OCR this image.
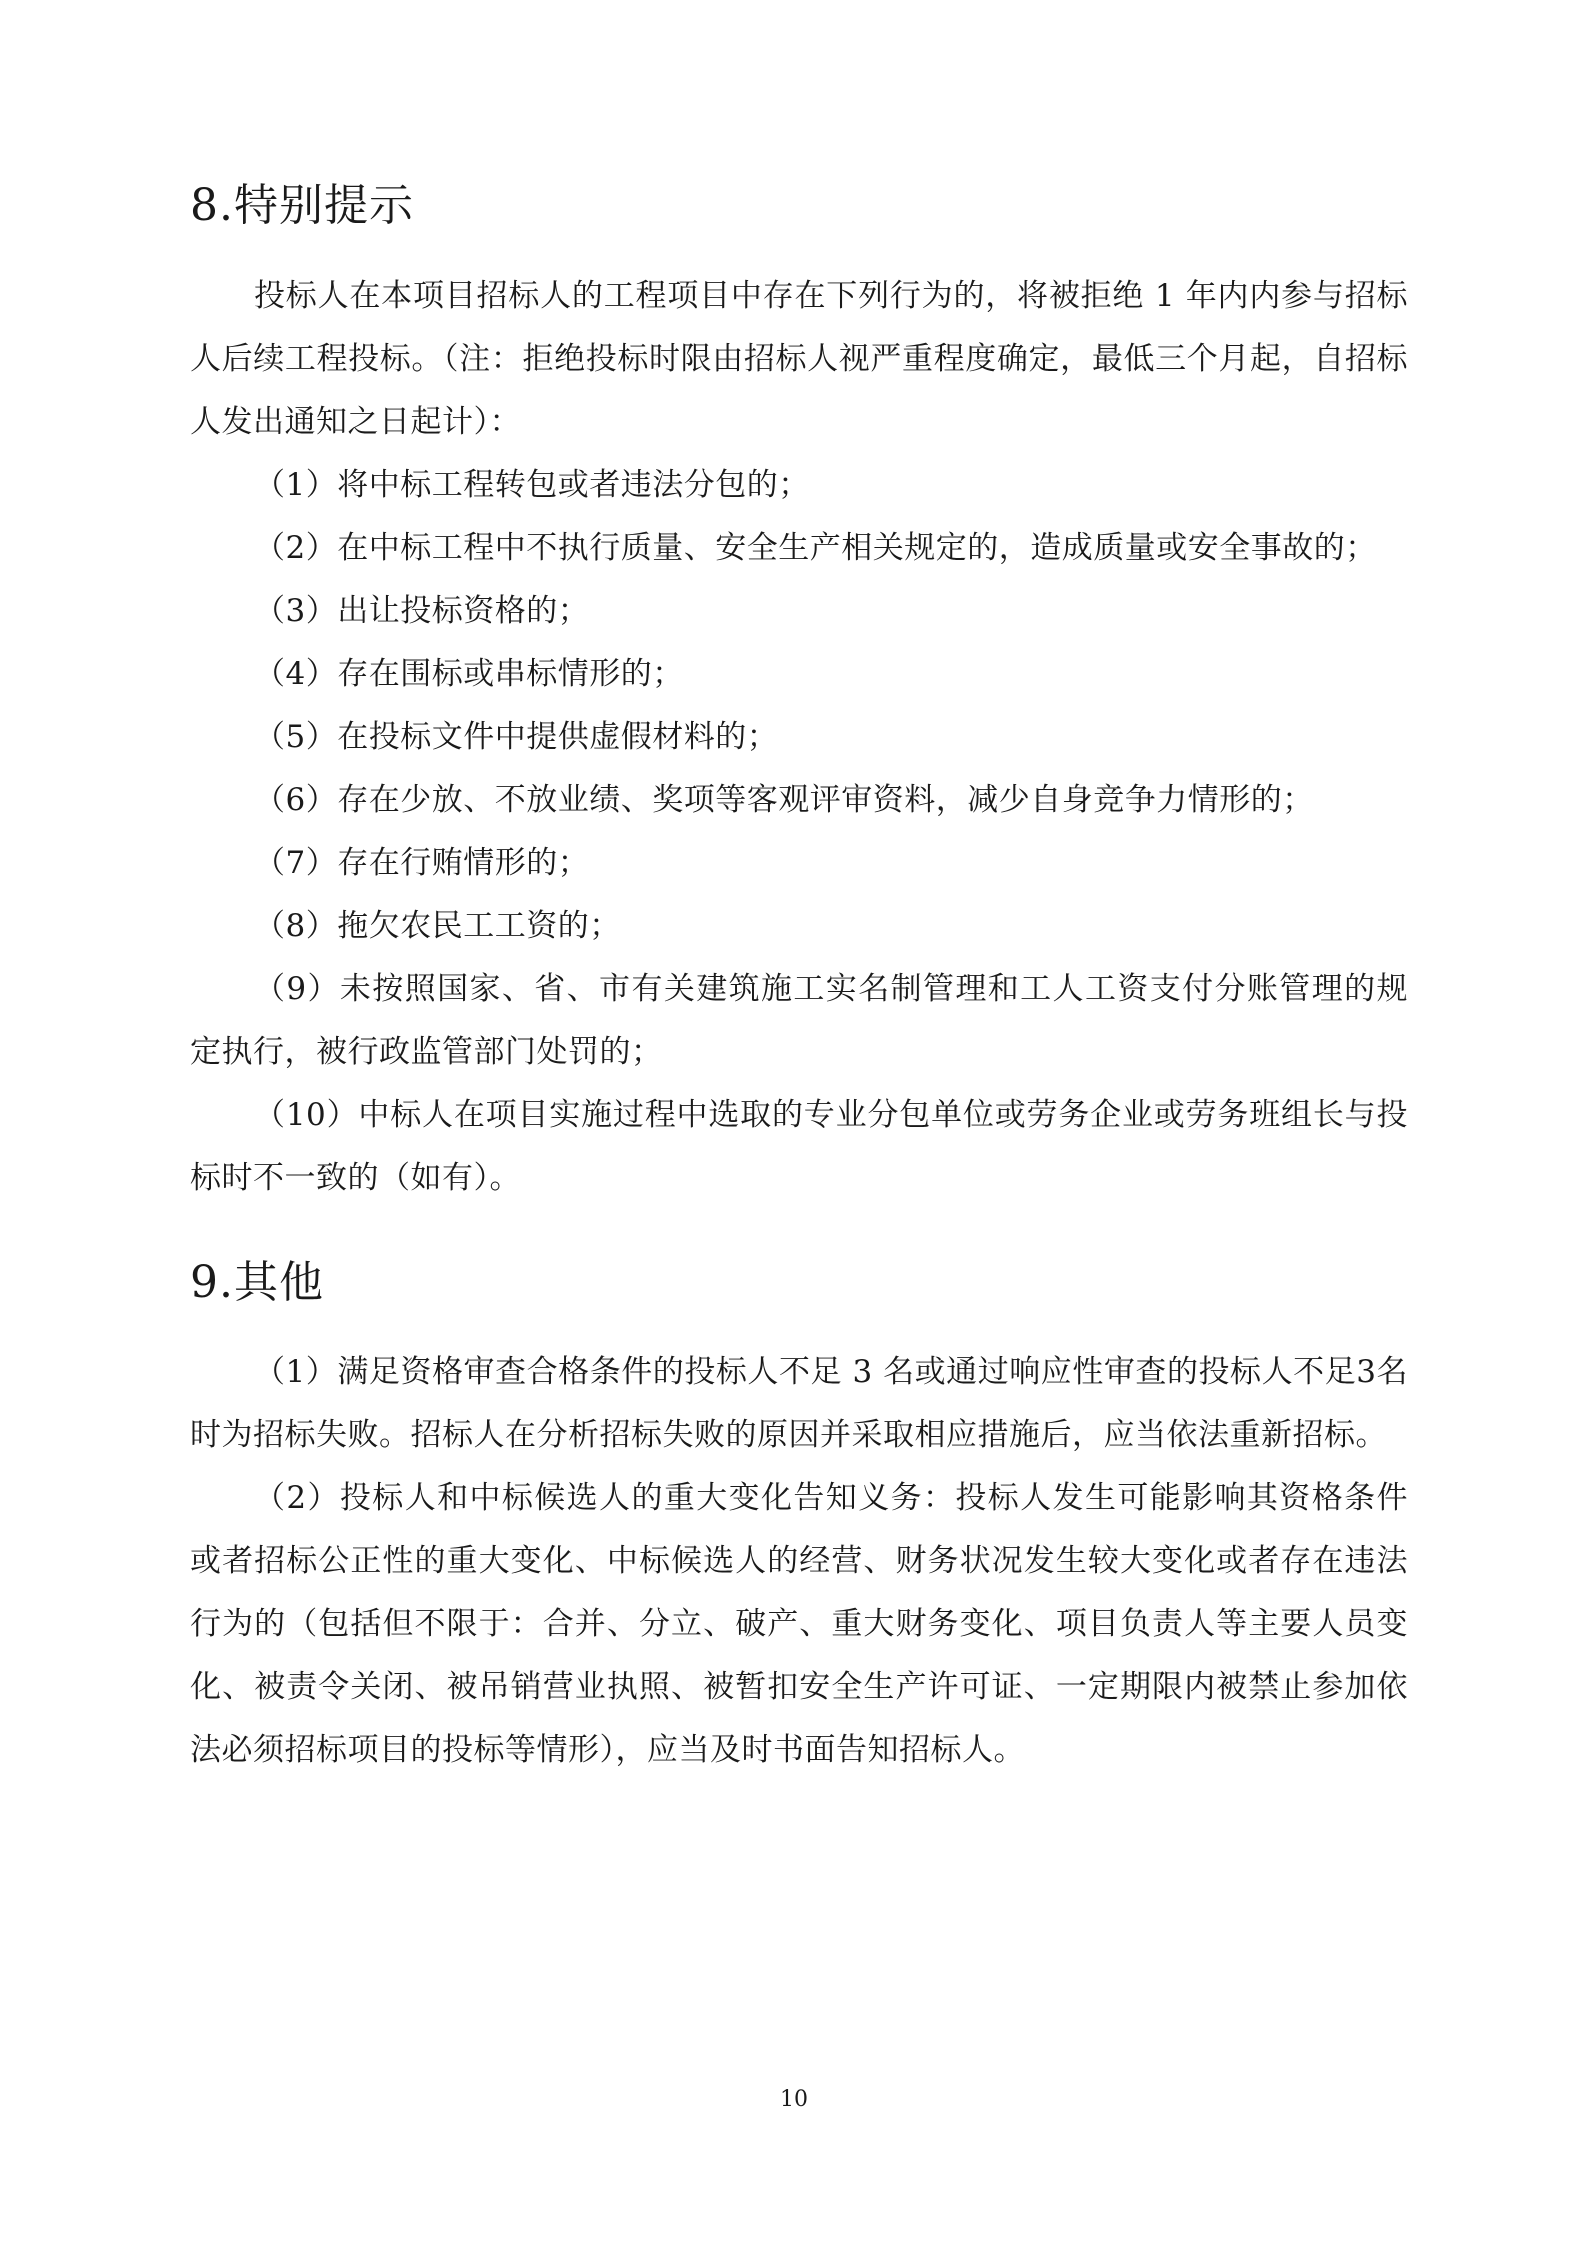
8.特别提示

投标人在本项目招标人的工程项目中存在下列行为的，将被拒绝 1 年内内参与招标人后续工程投标。（注：拒绝投标时限由招标人视严重程度确定，最低三个月起，自招标人发出通知之日起计）：

（1）将中标工程转包或者违法分包的；

（2）在中标工程中不执行质量、安全生产相关规定的，造成质量或安全事故的；

（3）出让投标资格的；

（4）存在围标或串标情形的；

（5）在投标文件中提供虚假材料的；

（6）存在少放、不放业绩、奖项等客观评审资料，减少自身竞争力情形的；

（7）存在行贿情形的；

（8）拖欠农民工工资的；

（9）未按照国家、省、市有关建筑施工实名制管理和工人工资支付分账管理的规定执行，被行政监管部门处罚的；

（10）中标人在项目实施过程中选取的专业分包单位或劳务企业或劳务班组长与投标时不一致的（如有）。

9.其他

（1）满足资格审查合格条件的投标人不足 3 名或通过响应性审查的投标人不足3名时为招标失败。招标人在分析招标失败的原因并采取相应措施后，应当依法重新招标。

（2）投标人和中标候选人的重大变化告知义务：投标人发生可能影响其资格条件或者招标公正性的重大变化、中标候选人的经营、财务状况发生较大变化或者存在违法行为的（包括但不限于：合并、分立、破产、重大财务变化、项目负责人等主要人员变化、被责令关闭、被吊销营业执照、被暂扣安全生产许可证、一定期限内被禁止参加依法必须招标项目的投标等情形），应当及时书面告知招标人。

10
